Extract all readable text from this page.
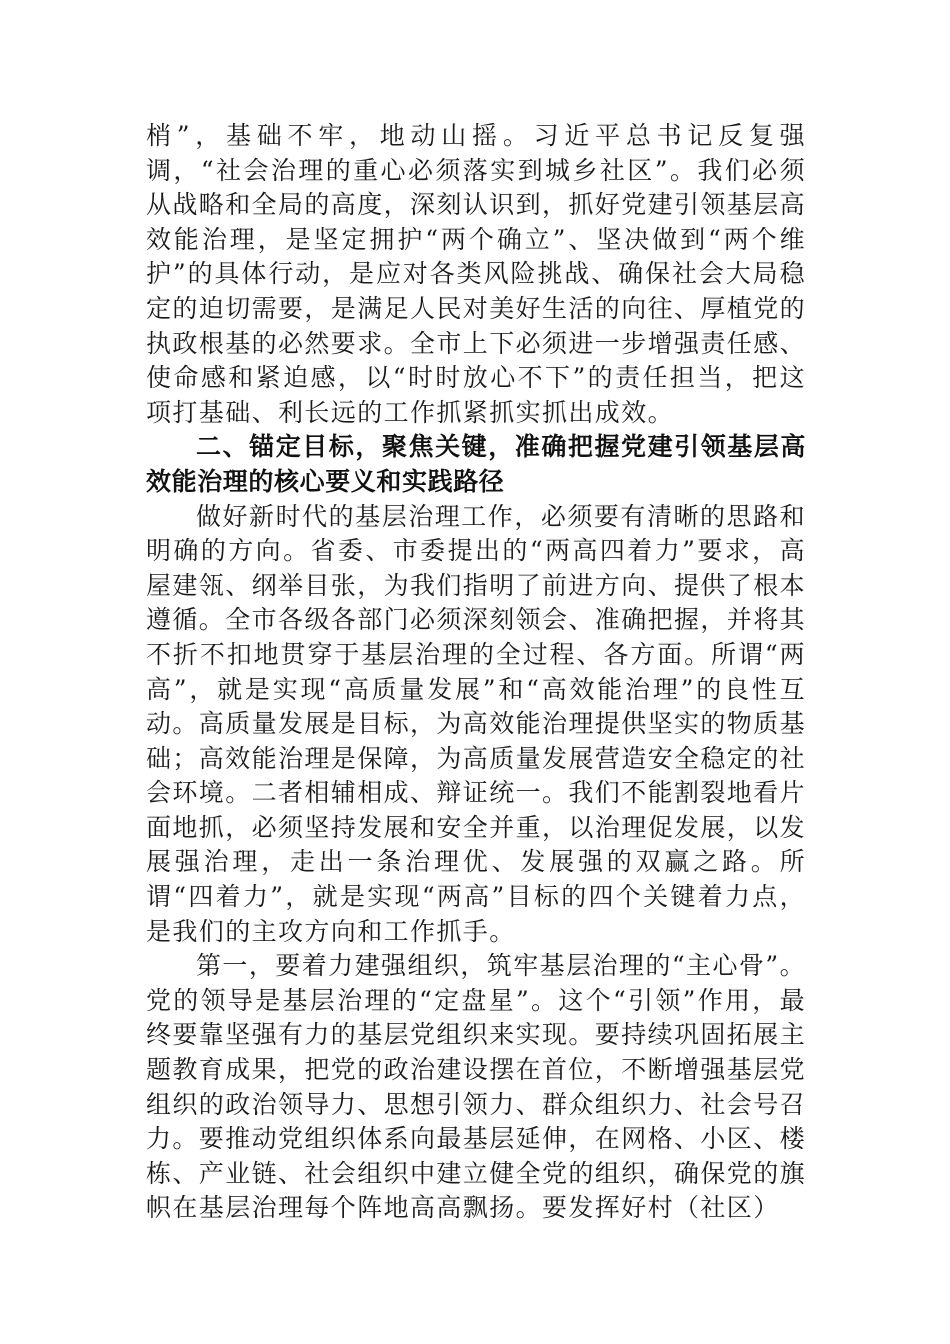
梢”，基础不牢，地动山摇。习近平总书记反复强调，“社会治理的重心必须落实到城乡社区”。我们必须从战略和全局的高度，深刻认识到，抓好党建引领基层高效能治理，是坚定拥护“两个确立”、坚决做到“两个维护”的具体行动，是应对各类风险挑战、确保社会大局稳定的迫切需要，是满足人民对美好生活的向往、厚植党的执政根基的必然要求。全市上下必须进一步增强责任感、使命感和紧迫感，以“时时放心不下”的责任担当，把这项打基础、利长远的工作抓紧抓实抓出成效。

二、锚定目标，聚焦关键，准确把握党建引领基层高效能治理的核心要义和实践路径

做好新时代的基层治理工作，必须要有清晰的思路和明确的方向。省委、市委提出的“两高四着力”要求，高屋建瓴、纲举目张，为我们指明了前进方向、提供了根本遵循。全市各级各部门必须深刻领会、准确把握，并将其不折不扣地贯穿于基层治理的全过程、各方面。所谓“两高”，就是实现“高质量发展”和“高效能治理”的良性互动。高质量发展是目标，为高效能治理提供坚实的物质基础；高效能治理是保障，为高质量发展营造安全稳定的社会环境。二者相辅相成、辩证统一。我们不能割裂地看片面地抓，必须坚持发展和安全并重，以治理促发展，以发展强治理，走出一条治理优、发展强的双赢之路。所谓“四着力”，就是实现“两高”目标的四个关键着力点，是我们的主攻方向和工作抓手。

第一，要着力建强组织，筑牢基层治理的“主心骨”。党的领导是基层治理的“定盘星”。这个“引领”作用，最终要靠坚强有力的基层党组织来实现。要持续巩固拓展主题教育成果，把党的政治建设摆在首位，不断增强基层党组织的政治领导力、思想引领力、群众组织力、社会号召力。要推动党组织体系向最基层延伸，在网格、小区、楼栋、产业链、社会组织中建立健全党的组织，确保党的旗帜在基层治理每个阵地高高飘扬。要发挥好村（社区）
